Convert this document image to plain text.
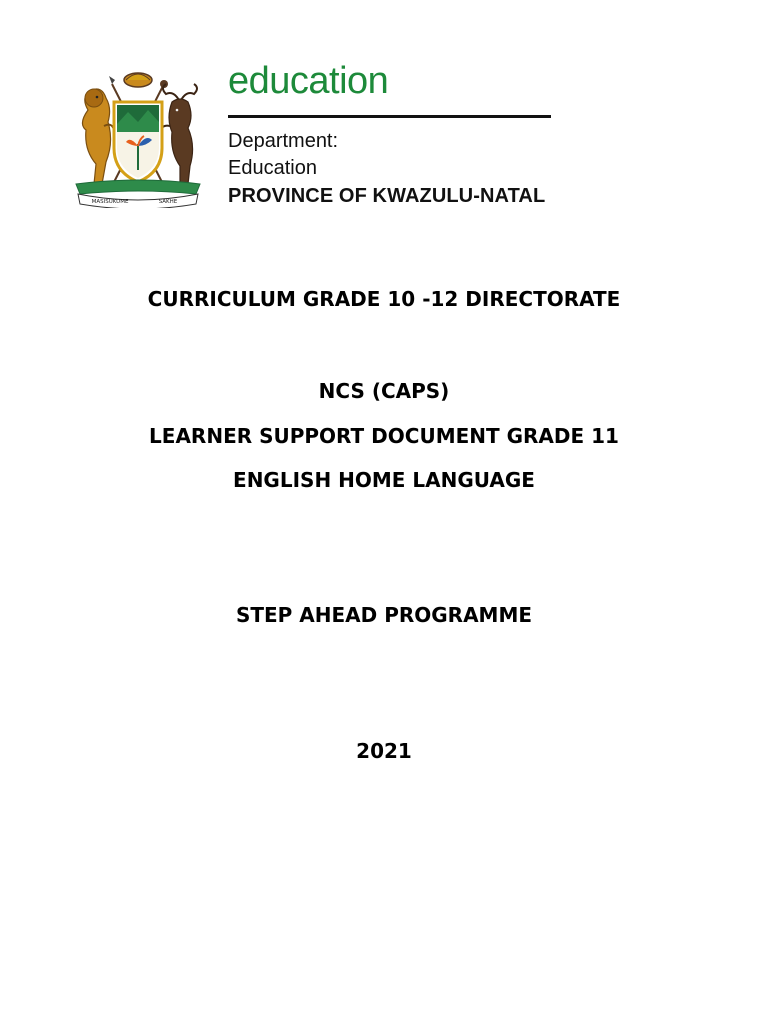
MASISUKUME	SAKHE
education
Department:
Education
PROVINCE OF KWAZULU-NATAL
CURRICULUM GRADE 10 -12 DIRECTORATE
NCS (CAPS)
LEARNER SUPPORT DOCUMENT GRADE 11
ENGLISH HOME LANGUAGE
STEP AHEAD PROGRAMME
2021
